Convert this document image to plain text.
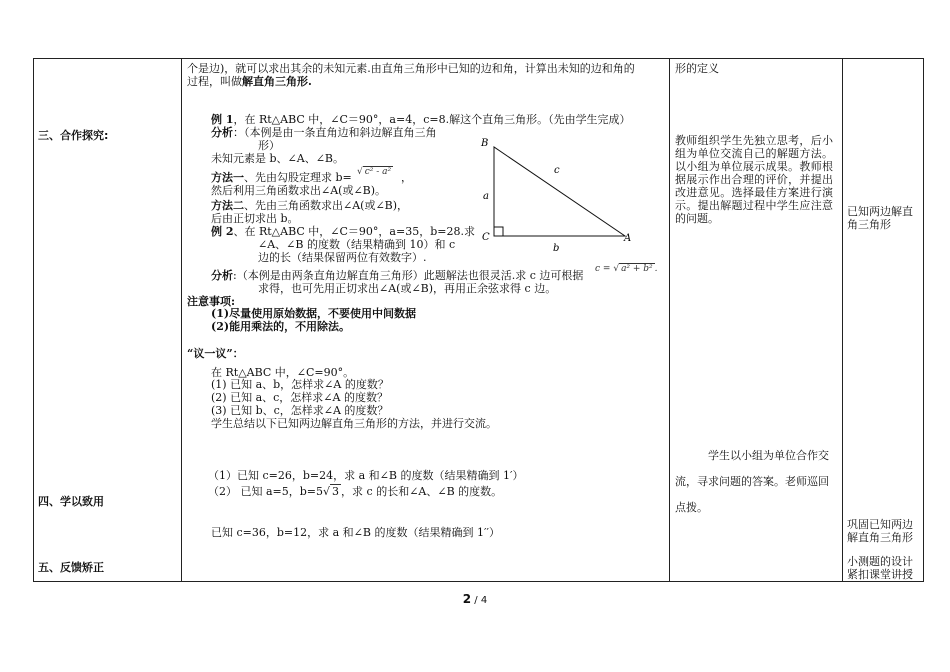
三、合作探究:
四、学以致用
五、反馈矫正
个是边)，就可以求出其余的未知元素.由直角三角形中已知的边和角，计算出未知的边和角的
过程，叫做解直角三角形.
例 1，在 Rt△ABC 中，∠C＝90°，a=4，c=8.解这个直角三角形。（先由学生完成）
分析：（本例是由一条直角边和斜边解直角三角
形）
未知元素是 b、∠A、∠B。
方法一、先由勾股定理求 b= √ c² - a² ，
然后利用三角函数求出∠A(或∠B)。
方法二、先由三角函数求出∠A(或∠B)，
后由正切求出 b。
例 2、在 Rt△ABC 中，∠C＝90°，a=35，b=28.求
∠A、∠B 的度数（结果精确到 10）和 c
边的长（结果保留两位有效数字）.
分析:（本例是由两条直角边解直角三角形）此题解法也很灵活.求 c 边可根据 c = √ a² + b² .
求得，也可先用正切求出∠A(或∠B)，再用正余弦求得 c 边。
注意事项:
(1)尽量使用原始数据，不要使用中间数据
(2)能用乘法的，不用除法。
“议一议”：
在 Rt△ABC 中，∠C=90°。
(1) 已知 a、b，怎样求∠A 的度数？
(2) 已知 a、c，怎样求∠A 的度数？
(3) 已知 b、c，怎样求∠A 的度数？
学生总结以下已知两边解直角三角形的方法，并进行交流。
（1）已知 c=26，b=24，求 a 和∠B 的度数（结果精确到 1′）
（2） 已知 a=5，b=5√ 3 ，求 c 的长和∠A、∠B 的度数。
已知 c=36，b=12，求 a 和∠B 的度数（结果精确到 1′′）
B
C	A
a
b
c
形的定义
教师组织学生先独立思考，后小组为单位交流自己的解题方法。以小组为单位展示成果。教师根据展示作出合理的评价，并提出改进意见。选择最佳方案进行演示。提出解题过程中学生应注意的问题。
学生以小组为单位合作交流，寻求问题的答案。老师巡回点拨。
已知两边解直角三角形
巩固已知两边解直角三角形
小测题的设计紧扣课堂讲授
2 / 4
